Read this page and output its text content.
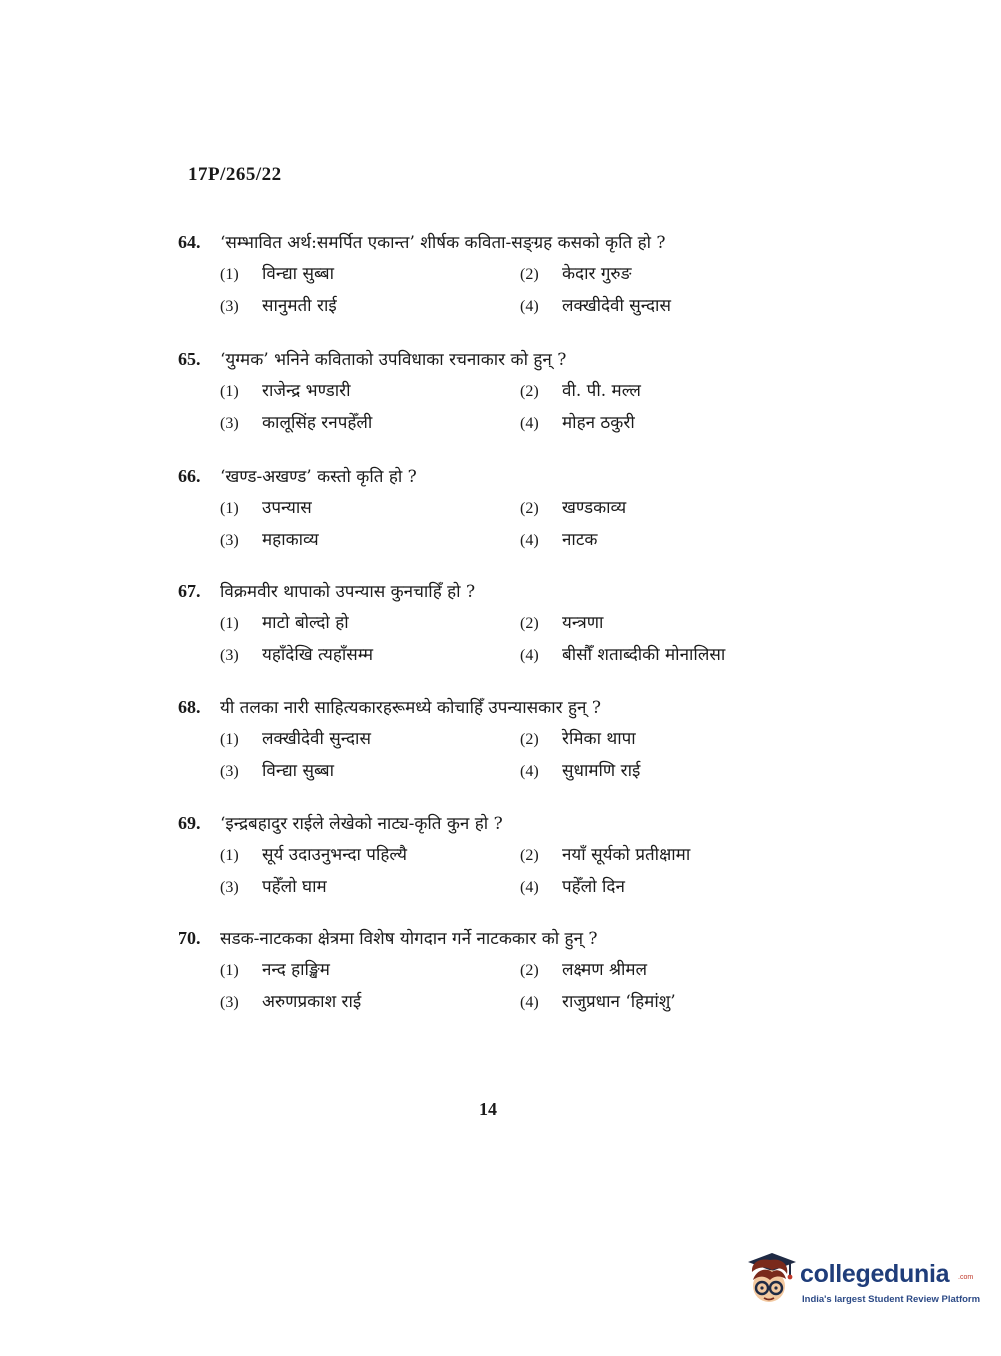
17P/265/22
64.	‘सम्भावित अर्थ:समर्पित एकान्त’ शीर्षक कविता-सङ्ग्रह कसको कृति हो ?
(1)	विन्द्या सुब्बा	(2)	केदार गुरुङ
(3)	सानुमती राई	(4)	लक्खीदेवी सुन्दास
65.	‘युग्मक’ भनिने कविताको उपविधाका रचनाकार को हुन् ?
(1)	राजेन्द्र भण्डारी	(2)	वी. पी. मल्ल
(3)	कालूसिंह रनपहेँली	(4)	मोहन ठकुरी
66.	‘खण्ड-अखण्ड’ कस्तो कृति हो ?
(1)	उपन्यास	(2)	खण्डकाव्य
(3)	महाकाव्य	(4)	नाटक
67.	विक्रमवीर थापाको उपन्यास कुनचाहिँ हो ?
(1)	माटो बोल्दो हो	(2)	यन्त्रणा
(3)	यहाँदेखि त्यहाँसम्म	(4)	बीसौँ शताब्दीकी मोनालिसा
68.	यी तलका नारी साहित्यकारहरूमध्ये कोचाहिँ उपन्यासकार हुन् ?
(1)	लक्खीदेवी सुन्दास	(2)	रेमिका थापा
(3)	विन्द्या सुब्बा	(4)	सुधामणि राई
69.	‘इन्द्रबहादुर राईले लेखेको नाट्य-कृति कुन हो ?
(1)	सूर्य उदाउनुभन्दा पहिल्यै	(2)	नयाँ सूर्यको प्रतीक्षामा
(3)	पहेँलो घाम	(4)	पहेँलो दिन
70.	सडक-नाटकका क्षेत्रमा विशेष योगदान गर्ने नाटककार को हुन् ?
(1)	नन्द हाङ्खिम	(2)	लक्ष्मण श्रीमल
(3)	अरुणप्रकाश राई	(4)	राजुप्रधान ‘हिमांशु’
14
collegedunia .com
India's largest Student Review Platform
